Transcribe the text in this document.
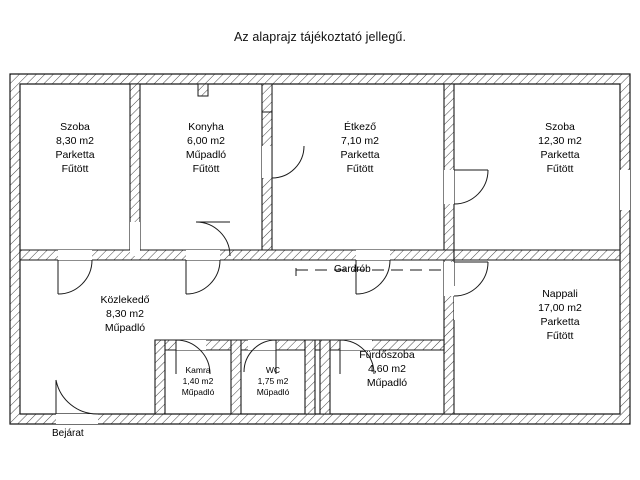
Az alaprajz tájékoztató jellegű.
Szoba
8,30 m2
Parketta
Fűtött
Konyha
6,00 m2
Műpadló
Fűtött
Étkező
7,10 m2
Parketta
Fűtött
Szoba
12,30 m2
Parketta
Fűtött
Közlekedő
8,30 m2
Műpadló
Nappali
17,00 m2
Parketta
Fűtött
Kamra
1,40 m2
Műpadló
WC
1,75 m2
Műpadló
Fürdőszoba
4,60 m2
Műpadló
Gardrób
Bejárat
